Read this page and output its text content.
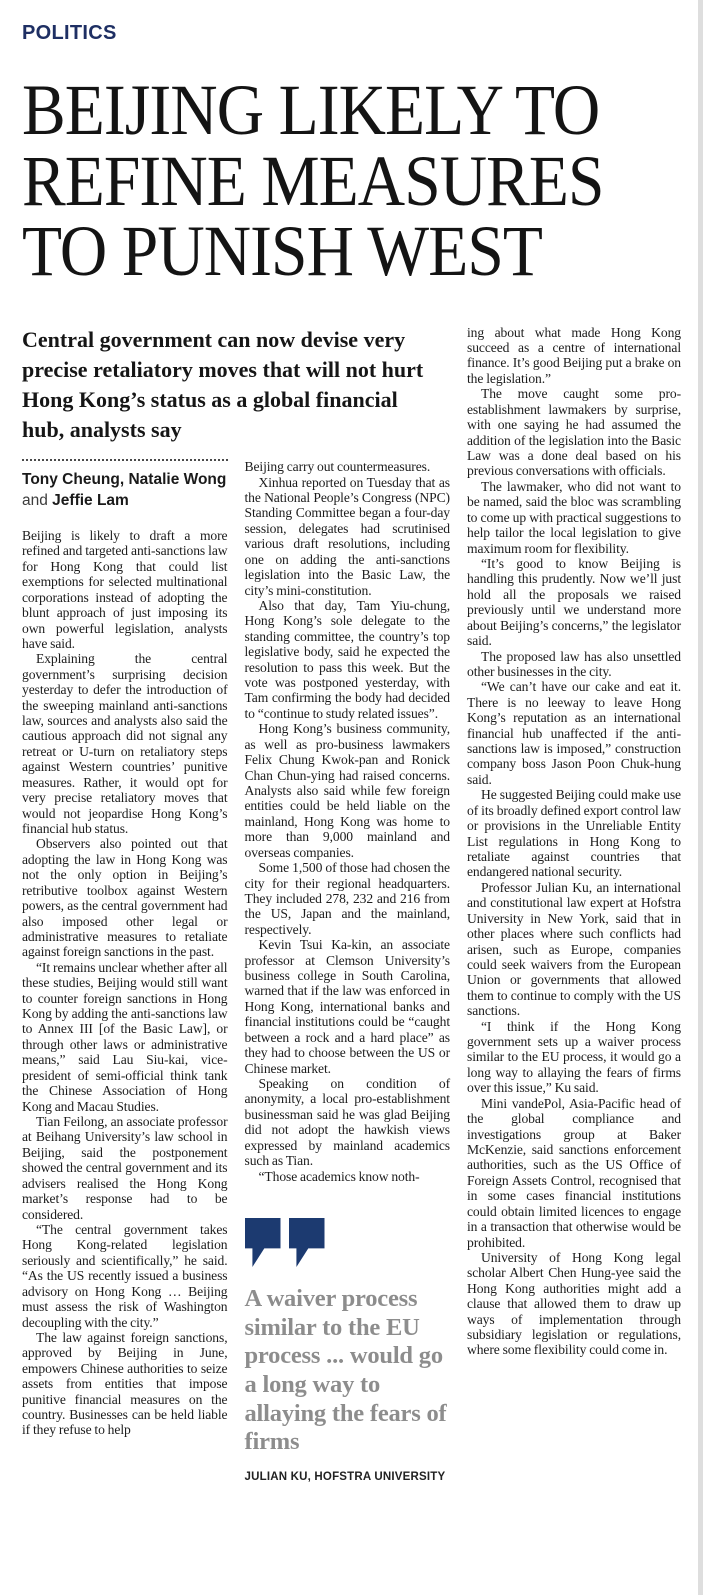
POLITICS
BEIJING LIKELY TO
REFINE MEASURES
TO PUNISH WEST
Central government can now devise very precise retaliatory moves that will not hurt Hong Kong’s status as a global financial hub, analysts say
Tony Cheung, Natalie Wong
and Jeffie Lam

Beijing is likely to draft a more refined and targeted anti-sanctions law for Hong Kong that could list exemptions for selected multinational corporations instead of adopting the blunt approach of just imposing its own powerful legislation, analysts have said.

Explaining the central government’s surprising decision yesterday to defer the introduction of the sweeping mainland anti-sanctions law, sources and analysts also said the cautious approach did not signal any retreat or U-turn on retaliatory steps against Western countries’ punitive measures. Rather, it would opt for very precise retaliatory moves that would not jeopardise Hong Kong’s financial hub status.

Observers also pointed out that adopting the law in Hong Kong was not the only option in Beijing’s retributive toolbox against Western powers, as the central government had also imposed other legal or administrative measures to retaliate against foreign sanctions in the past.

“It remains unclear whether after all these studies, Beijing would still want to counter foreign sanctions in Hong Kong by adding the anti-sanctions law to Annex III [of the Basic Law], or through other laws or administrative means,” said Lau Siu-kai, vice-president of semi-official think tank the Chinese Association of Hong Kong and Macau Studies.

Tian Feilong, an associate professor at Beihang University’s law school in Beijing, said the postponement showed the central government and its advisers realised the Hong Kong market’s response had to be considered.

“The central government takes Hong Kong-related legislation seriously and scientifically,” he said. “As the US recently issued a business advisory on Hong Kong … Beijing must assess the risk of Washington decoupling with the city.”

The law against foreign sanctions, approved by Beijing in June, empowers Chinese authorities to seize assets from entities that impose punitive financial measures on the country. Businesses can be held liable if they refuse to help

Beijing carry out countermeasures.

Xinhua reported on Tuesday that as the National People’s Congress (NPC) Standing Committee began a four-day session, delegates had scrutinised various draft resolutions, including one on adding the anti-sanctions legislation into the Basic Law, the city’s mini-constitution.

Also that day, Tam Yiu-chung, Hong Kong’s sole delegate to the standing committee, the country’s top legislative body, said he expected the resolution to pass this week. But the vote was postponed yesterday, with Tam confirming the body had decided to “continue to study related issues”.

Hong Kong’s business community, as well as pro-business lawmakers Felix Chung Kwok-pan and Ronick Chan Chun-ying had raised concerns. Analysts also said while few foreign entities could be held liable on the mainland, Hong Kong was home to more than 9,000 mainland and overseas companies.

Some 1,500 of those had chosen the city for their regional headquarters. They included 278, 232 and 216 from the US, Japan and the mainland, respectively.

Kevin Tsui Ka-kin, an associate professor at Clemson University’s business college in South Carolina, warned that if the law was enforced in Hong Kong, international banks and financial institutions could be “caught between a rock and a hard place” as they had to choose between the US or Chinese market.

Speaking on condition of anonymity, a local pro-establishment businessman said he was glad Beijing did not adopt the hawkish views expressed by mainland academics such as Tian.

“Those academics know noth-

A waiver process similar to the EU process ... would go a long way to allaying the fears of firms
JULIAN KU, HOFSTRA UNIVERSITY

ing about what made Hong Kong succeed as a centre of international finance. It’s good Beijing put a brake on the legislation.”

The move caught some pro-establishment lawmakers by surprise, with one saying he had assumed the addition of the legislation into the Basic Law was a done deal based on his previous conversations with officials.

The lawmaker, who did not want to be named, said the bloc was scrambling to come up with practical suggestions to help tailor the local legislation to give maximum room for flexibility.

“It’s good to know Beijing is handling this prudently. Now we’ll just hold all the proposals we raised previously until we understand more about Beijing’s concerns,” the legislator said.

The proposed law has also unsettled other businesses in the city.

“We can’t have our cake and eat it. There is no leeway to leave Hong Kong’s reputation as an international financial hub unaffected if the anti-sanctions law is imposed,” construction company boss Jason Poon Chuk-hung said.

He suggested Beijing could make use of its broadly defined export control law or provisions in the Unreliable Entity List regulations in Hong Kong to retaliate against countries that endangered national security.

Professor Julian Ku, an international and constitutional law expert at Hofstra University in New York, said that in other places where such conflicts had arisen, such as Europe, companies could seek waivers from the European Union or governments that allowed them to continue to comply with the US sanctions.

“I think if the Hong Kong government sets up a waiver process similar to the EU process, it would go a long way to allaying the fears of firms over this issue,” Ku said.

Mini vandePol, Asia-Pacific head of the global compliance and investigations group at Baker McKenzie, said sanctions enforcement authorities, such as the US Office of Foreign Assets Control, recognised that in some cases financial institutions could obtain limited licences to engage in a transaction that otherwise would be prohibited.

University of Hong Kong legal scholar Albert Chen Hung-yee said the Hong Kong authorities might add a clause that allowed them to draw up ways of implementation through subsidiary legislation or regulations, where some flexibility could come in.
